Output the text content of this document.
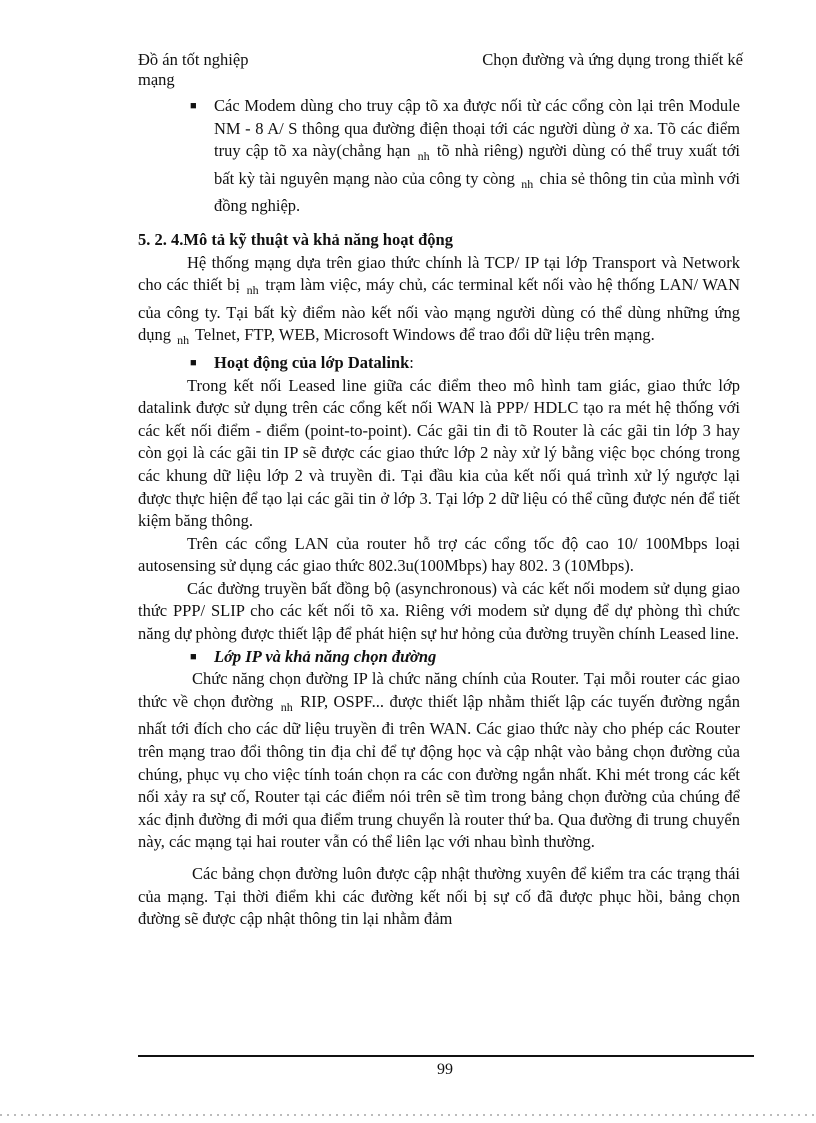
Đồ án tốt nghiệp mạng
Chọn đường và ứng dụng trong thiết kế

■ Các Modem dùng cho truy cập tõ xa được nối từ các cổng còn lại trên Module NM - 8 A/ S thông qua đường điện thoại tới các người dùng ở xa. Tõ các điểm truy cập tõ xa này(chẳng hạn $_{nh}$ tõ nhà riêng) người dùng có thể truy xuất tới bất kỳ tài nguyên mạng nào của công ty còng $_{nh}$ chia sẻ thông tin của mình với đồng nghiệp.

5. 2. 4.Mô tả kỹ thuật và khả năng hoạt động

Hệ thống mạng dựa trên giao thức chính là TCP/ IP tại lớp Transport và Network cho các thiết bị $_{nh}$ trạm làm việc, máy chủ, các terminal kết nối vào hệ thống LAN/ WAN của công ty. Tại bất kỳ điểm nào kết nối vào mạng người dùng có thể dùng những ứng dụng $_{nh}$ Telnet, FTP, WEB, Microsoft Windows để trao đổi dữ liệu trên mạng.

■ Hoạt động của lớp Datalink:

Trong kết nối Leased line giữa các điểm theo mô hình tam giác, giao thức lớp datalink được sử dụng trên các cổng kết nối WAN là PPP/ HDLC tạo ra mét hệ thống với các kết nối điểm - điểm (point-to-point). Các gãi tin đi tõ Router là các gãi tin lớp 3 hay còn gọi là các gãi tin IP sẽ được các giao thức lớp 2 này xử lý bằng việc bọc chóng trong các khung dữ liệu lớp 2 và truyền đi. Tại đầu kia của kết nối quá trình xử lý ngược lại được thực hiện để tạo lại các gãi tin ở lớp 3. Tại lớp 2 dữ liệu có thể cũng được nén để tiết kiệm băng thông.

Trên các cổng LAN của router hỗ trợ các cổng tốc độ cao 10/ 100Mbps loại autosensing sử dụng các giao thức 802.3u(100Mbps) hay 802. 3 (10Mbps).

Các đường truyền bất đồng bộ (asynchronous) và các kết nối modem sử dụng giao thức PPP/ SLIP cho các kết nối tõ xa. Riêng với modem sử dụng để dự phòng thì chức năng dự phòng được thiết lập để phát hiện sự hư hỏng của đường truyền chính Leased line.

■ Lớp IP và khả năng chọn đường

Chức năng chọn đường IP là chức năng chính của Router. Tại mỗi router các giao thức về chọn đường $_{nh}$ RIP, OSPF... được thiết lập nhằm thiết lập các tuyến đường ngắn nhất tới đích cho các dữ liệu truyền đi trên WAN. Các giao thức này cho phép các Router trên mạng trao đổi thông tin địa chỉ để tự động học và cập nhật vào bảng chọn đường của chúng, phục vụ cho việc tính toán chọn ra các con đường ngắn nhất. Khi mét trong các kết nối xảy ra sự cố, Router tại các điểm nói trên sẽ tìm trong bảng chọn đường của chúng để xác định đường đi mới qua điểm trung chuyển là router thứ ba. Qua đường đi trung chuyển này, các mạng tại hai router vẫn có thể liên lạc với nhau bình thường.

Các bảng chọn đường luôn được cập nhật thường xuyên để kiểm tra các trạng thái của mạng. Tại thời điểm khi các đường kết nối bị sự cố đã được phục hồi, bảng chọn đường sẽ được cập nhật thông tin lại nhằm đảm

99
